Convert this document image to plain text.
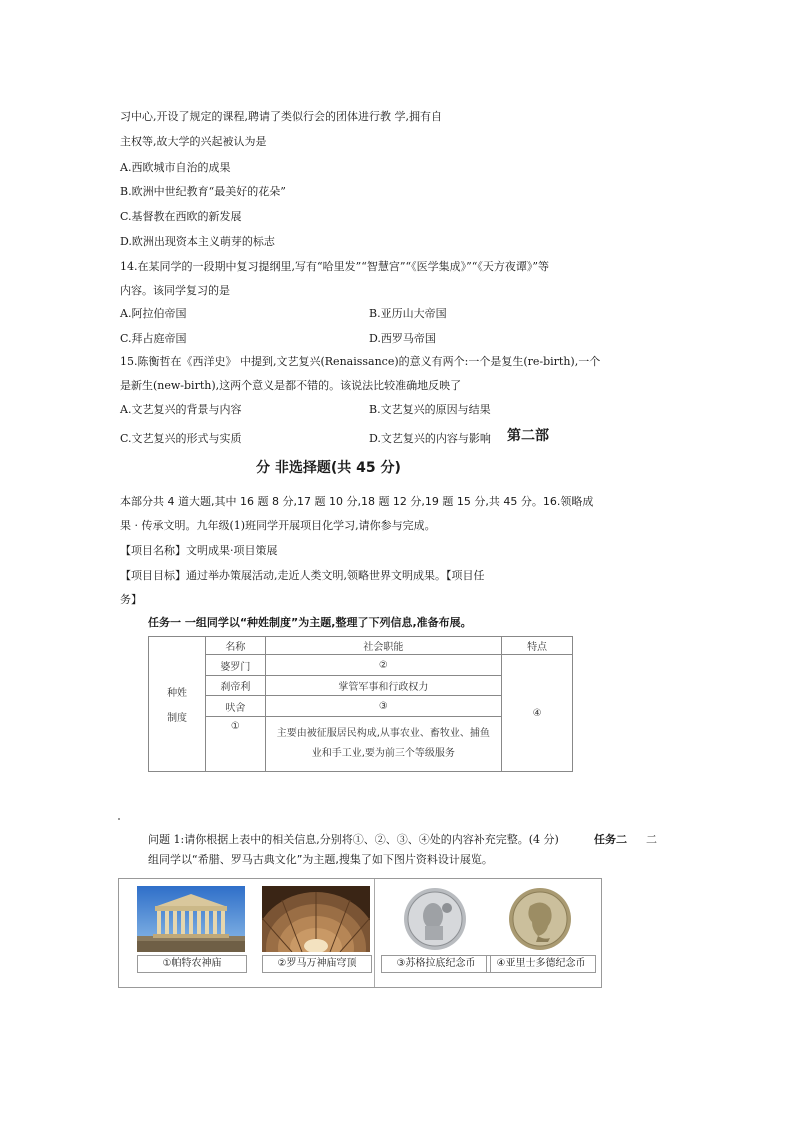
习中心,开设了规定的课程,聘请了类似行会的团体进行教 学,拥有自
主权等,故大学的兴起被认为是
A.西欧城市自治的成果
B.欧洲中世纪教育“最美好的花朵”
C.基督教在西欧的新发展
D.欧洲出现资本主义萌芽的标志
14.在某同学的一段期中复习提纲里,写有“哈里发”“智慧宫”“《医学集成》”“《天方夜谭》”等
内容。该同学复习的是
A.阿拉伯帝国	B.亚历山大帝国
C.拜占庭帝国	D.西罗马帝国
15.陈衡哲在《西洋史》 中提到,文艺复兴(Renaissance)的意义有两个:一个是复生(re-birth),一个
是新生(new-birth),这两个意义是都不错的。该说法比较准确地反映了
A.文艺复兴的背景与内容	B.文艺复兴的原因与结果
C.文艺复兴的形式与实质	D.文艺复兴的内容与影响 第二部
分 非选择题(共 45 分)
本部分共 4 道大题,其中 16 题 8 分,17 题 10 分,18 题 12 分,19 题 15 分,共 45 分。16.领略成
果 · 传承文明。九年级(1)班同学开展项目化学习,请你参与完成。
【项目名称】文明成果·项目策展
【项目目标】通过举办策展活动,走近人类文明,领略世界文明成果。【项目任
务】
任务一 一组同学以“种姓制度”为主题,整理了下列信息,准备布展。
种姓
制度	名称	社会职能	特点
	婆罗门	②	④
	刹帝利	掌管军事和行政权力	
	吠舍	③	
	①	主要由被征服居民构成,从事农业、畜牧业、捕鱼
业和手工业,要为前三个等级服务	
问题 1:请你根据上表中的相关信息,分别将①、②、③、④处的内容补充完整。(4 分)	任务二 二
组同学以“希腊、罗马古典文化”为主题,搜集了如下图片资料设计展览。
①帕特农神庙	②罗马万神庙穹顶	③苏格拉底纪念币	④亚里士多德纪念币
